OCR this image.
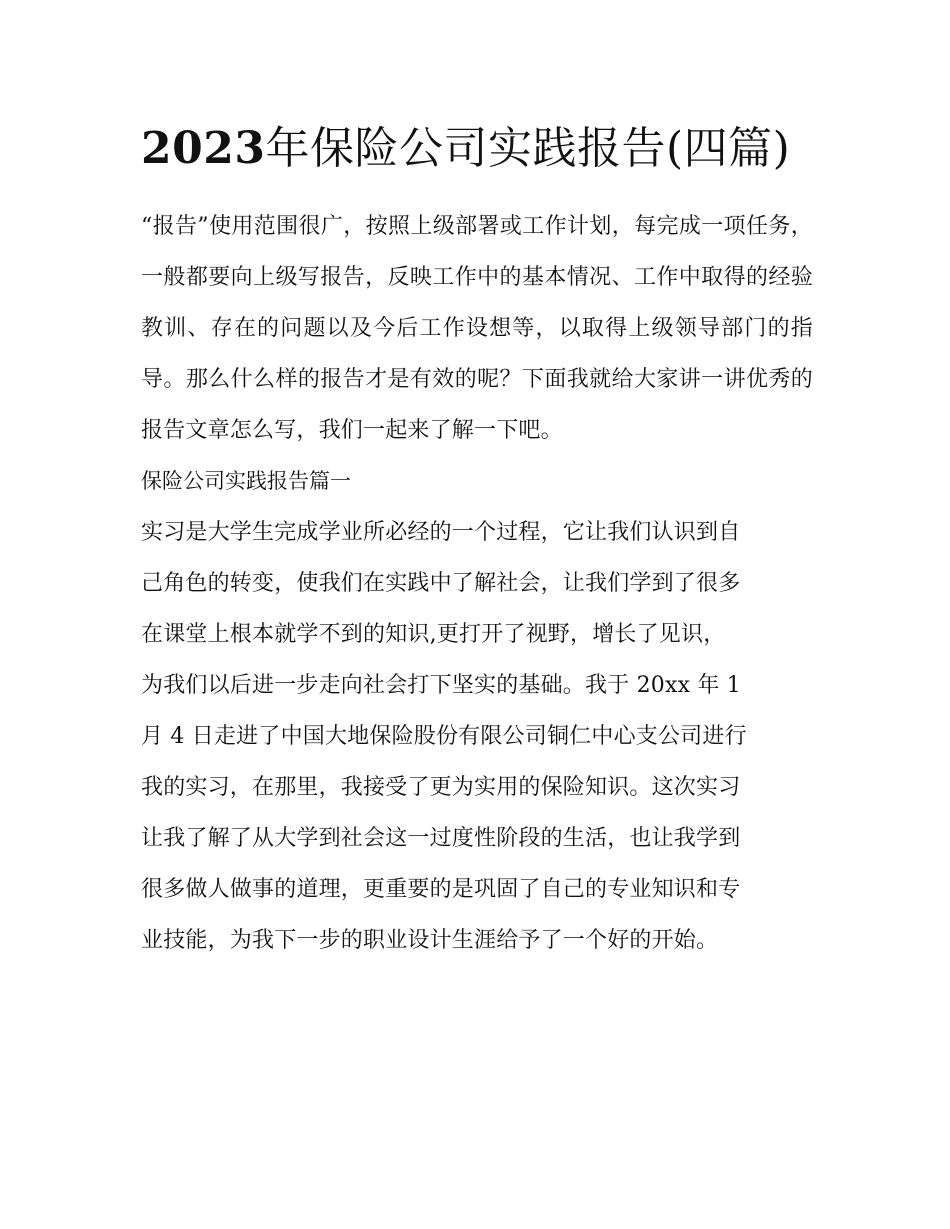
2023年保险公司实践报告(四篇)

“报告”使用范围很广，按照上级部署或工作计划，每完成一项任务，一般都要向上级写报告，反映工作中的基本情况、工作中取得的经验教训、存在的问题以及今后工作设想等，以取得上级领导部门的指导。那么什么样的报告才是有效的呢？下面我就给大家讲一讲优秀的报告文章怎么写，我们一起来了解一下吧。

保险公司实践报告篇一

实习是大学生完成学业所必经的一个过程，它让我们认识到自

己角色的转变，使我们在实践中了解社会，让我们学到了很多

在课堂上根本就学不到的知识,更打开了视野，增长了见识，

为我们以后进一步走向社会打下坚实的基础。我于 20xx 年 1

月 4 日走进了中国大地保险股份有限公司铜仁中心支公司进行

我的实习，在那里，我接受了更为实用的保险知识。这次实习

让我了解了从大学到社会这一过度性阶段的生活，也让我学到

很多做人做事的道理，更重要的是巩固了自己的专业知识和专

业技能，为我下一步的职业设计生涯给予了一个好的开始。
